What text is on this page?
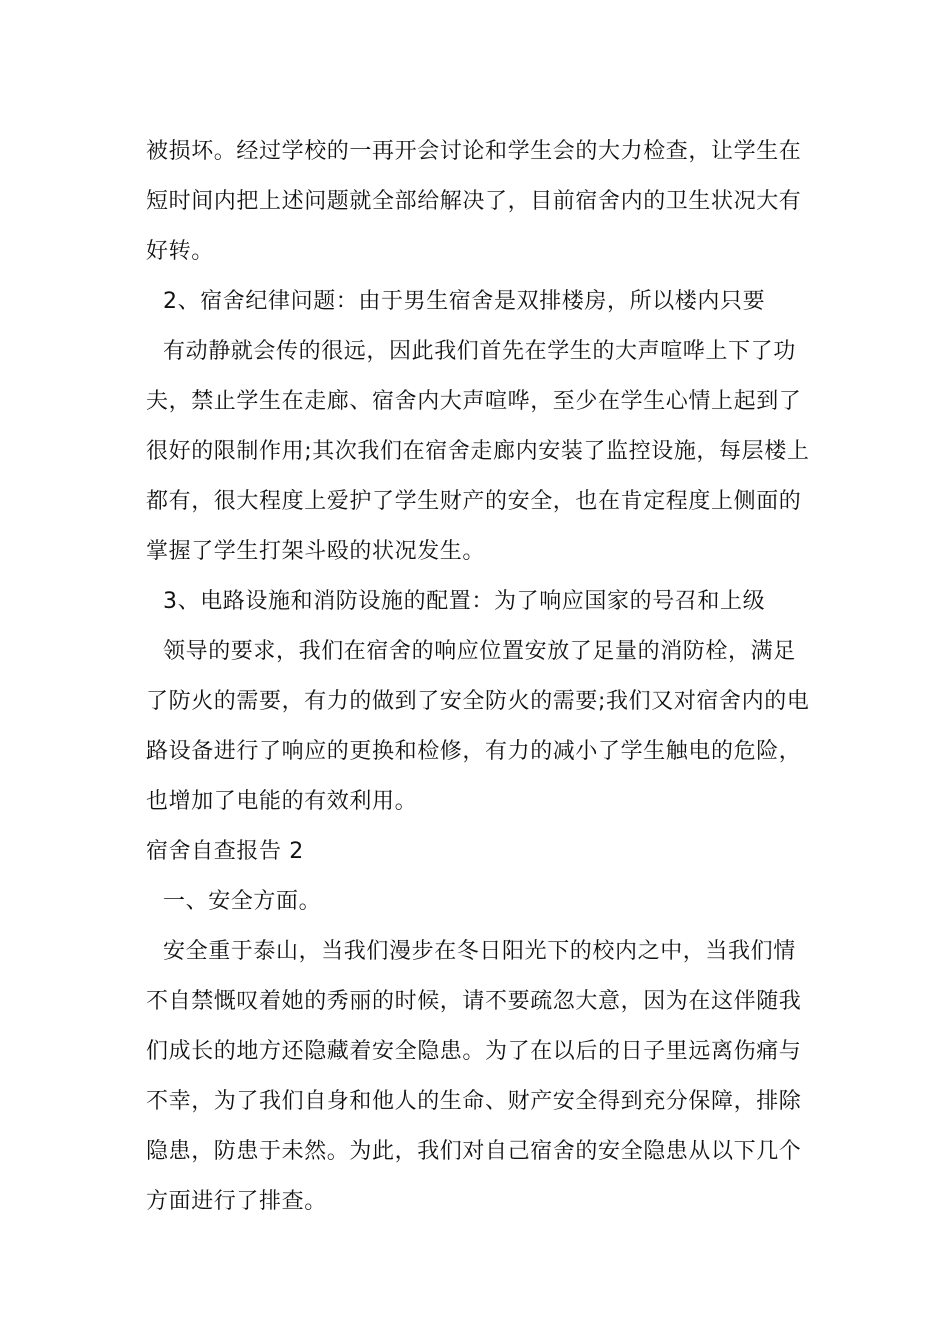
被损坏。经过学校的一再开会讨论和学生会的大力检查，让学生在
短时间内把上述问题就全部给解决了，目前宿舍内的卫生状况大有
好转。
2、宿舍纪律问题：由于男生宿舍是双排楼房，所以楼内只要
有动静就会传的很远，因此我们首先在学生的大声喧哗上下了功
夫，禁止学生在走廊、宿舍内大声喧哗，至少在学生心情上起到了
很好的限制作用;其次我们在宿舍走廊内安装了监控设施，每层楼上
都有，很大程度上爱护了学生财产的安全，也在肯定程度上侧面的
掌握了学生打架斗殴的状况发生。
3、电路设施和消防设施的配置：为了响应国家的号召和上级
领导的要求，我们在宿舍的响应位置安放了足量的消防栓，满足
了防火的需要，有力的做到了安全防火的需要;我们又对宿舍内的电
路设备进行了响应的更换和检修，有力的减小了学生触电的危险，
也增加了电能的有效利用。
宿舍自查报告 2
一、安全方面。
安全重于泰山，当我们漫步在冬日阳光下的校内之中，当我们情
不自禁慨叹着她的秀丽的时候，请不要疏忽大意，因为在这伴随我
们成长的地方还隐藏着安全隐患。为了在以后的日子里远离伤痛与
不幸，为了我们自身和他人的生命、财产安全得到充分保障，排除
隐患，防患于未然。为此，我们对自己宿舍的安全隐患从以下几个
方面进行了排查。
